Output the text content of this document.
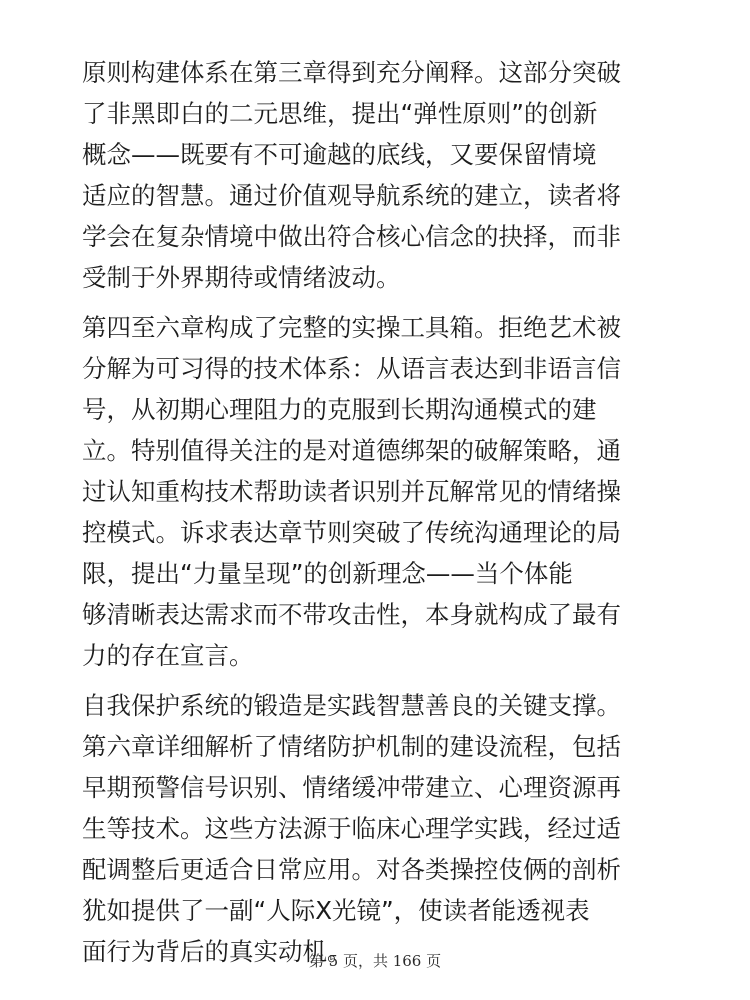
原则构建体系在第三章得到充分阐释。这部分突破
了非黑即白的二元思维，提出“弹性原则”的创新
概念——既要有不可逾越的底线，又要保留情境
适应的智慧。通过价值观导航系统的建立，读者将
学会在复杂情境中做出符合核心信念的抉择，而非
受制于外界期待或情绪波动。

第四至六章构成了完整的实操工具箱。拒绝艺术被
分解为可习得的技术体系：从语言表达到非语言信
号，从初期心理阻力的克服到长期沟通模式的建
立。特别值得关注的是对道德绑架的破解策略，通
过认知重构技术帮助读者识别并瓦解常见的情绪操
控模式。诉求表达章节则突破了传统沟通理论的局
限，提出“力量呈现”的创新理念——当个体能
够清晰表达需求而不带攻击性，本身就构成了最有
力的存在宣言。

自我保护系统的锻造是实践智慧善良的关键支撑。
第六章详细解析了情绪防护机制的建设流程，包括
早期预警信号识别、情绪缓冲带建立、心理资源再
生等技术。这些方法源于临床心理学实践，经过适
配调整后更适合日常应用。对各类操控伎俩的剖析
犹如提供了一副“人际X光镜”，使读者能透视表
面行为背后的真实动机。

第 5 页，共 166 页
